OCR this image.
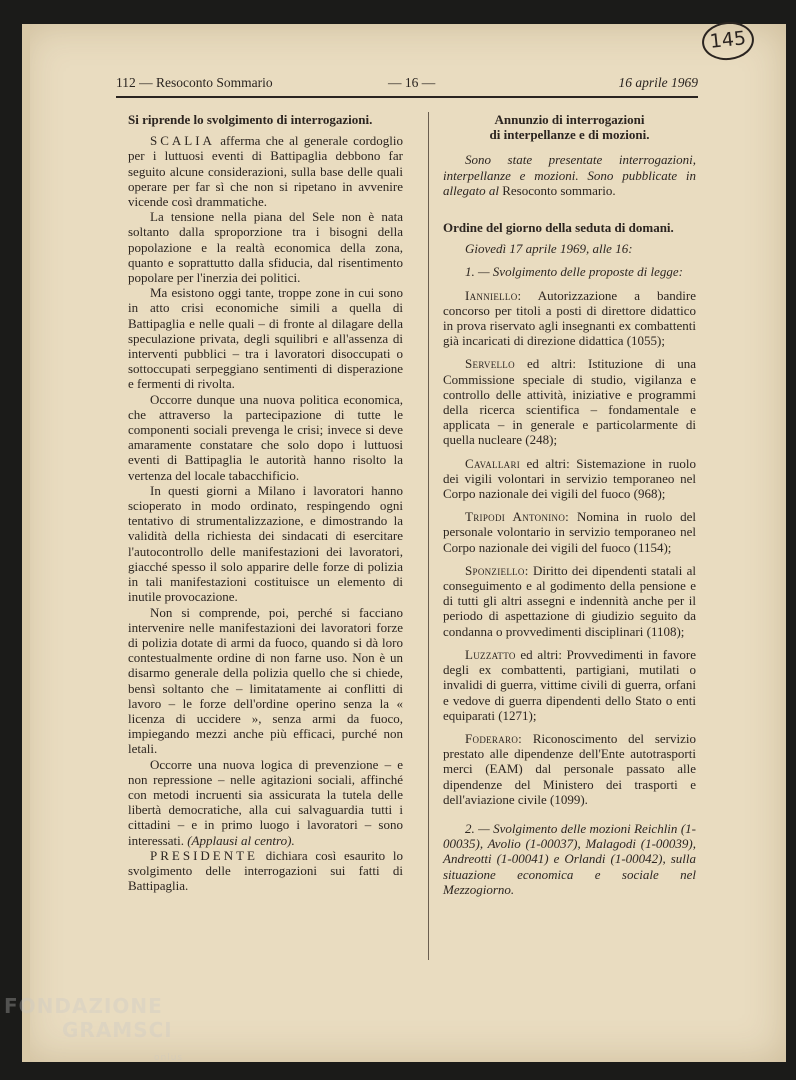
145
112 — Resoconto Sommario	— 16 —	16 aprile 1969

Si riprende lo svolgimento di interrogazioni.

SCALIA afferma che al generale cordoglio per i luttuosi eventi di Battipaglia debbono far seguito alcune considerazioni, sulla base delle quali operare per far sì che non si ripetano in avvenire vicende così drammatiche.

La tensione nella piana del Sele non è nata soltanto dalla sproporzione tra i bisogni della popolazione e la realtà economica della zona, quanto e soprattutto dalla sfiducia, dal risentimento popolare per l'inerzia dei politici.

Ma esistono oggi tante, troppe zone in cui sono in atto crisi economiche simili a quella di Battipaglia e nelle quali – di fronte al dilagare della speculazione privata, degli squilibri e all'assenza di interventi pubblici – tra i lavoratori disoccupati o sottoccupati serpeggiano sentimenti di disperazione e fermenti di rivolta.

Occorre dunque una nuova politica economica, che attraverso la partecipazione di tutte le componenti sociali prevenga le crisi; invece si deve amaramente constatare che solo dopo i luttuosi eventi di Battipaglia le autorità hanno risolto la vertenza del locale tabacchificio.

In questi giorni a Milano i lavoratori hanno scioperato in modo ordinato, respingendo ogni tentativo di strumentalizzazione, e dimostrando la validità della richiesta dei sindacati di esercitare l'autocontrollo delle manifestazioni dei lavoratori, giacché spesso il solo apparire delle forze di polizia in tali manifestazioni costituisce un elemento di inutile provocazione.

Non si comprende, poi, perché si facciano intervenire nelle manifestazioni dei lavoratori forze di polizia dotate di armi da fuoco, quando si dà loro contestualmente ordine di non farne uso. Non è un disarmo generale della polizia quello che si chiede, bensì soltanto che – limitatamente ai conflitti di lavoro – le forze dell'ordine operino senza la « licenza di uccidere », senza armi da fuoco, impiegando mezzi anche più efficaci, purché non letali.

Occorre una nuova logica di prevenzione – e non repressione – nelle agitazioni sociali, affinché con metodi incruenti sia assicurata la tutela delle libertà democratiche, alla cui salvaguardia tutti i cittadini – e in primo luogo i lavoratori – sono interessati. (Applausi al centro).

PRESIDENTE dichiara così esaurito lo svolgimento delle interrogazioni sui fatti di Battipaglia.

Annunzio di interrogazioni

di interpellanze e di mozioni.

Sono state presentate interrogazioni, interpellanze e mozioni. Sono pubblicate in allegato al Resoconto sommario.

Ordine del giorno della seduta di domani.

Giovedì 17 aprile 1969, alle 16:

1. — Svolgimento delle proposte di legge:

Ianniello: Autorizzazione a bandire concorso per titoli a posti di direttore didattico in prova riservato agli insegnanti ex combattenti già incaricati di direzione didattica (1055);

Servello ed altri: Istituzione di una Commissione speciale di studio, vigilanza e controllo delle attività, iniziative e programmi della ricerca scientifica – fondamentale e applicata – in generale e particolarmente di quella nucleare (248);

Cavallari ed altri: Sistemazione in ruolo dei vigili volontari in servizio temporaneo nel Corpo nazionale dei vigili del fuoco (968);

Tripodi Antonino: Nomina in ruolo del personale volontario in servizio temporaneo nel Corpo nazionale dei vigili del fuoco (1154);

Sponziello: Diritto dei dipendenti statali al conseguimento e al godimento della pensione e di tutti gli altri assegni e indennità anche per il periodo di aspettazione di giudizio seguito da condanna o provvedimenti disciplinari (1108);

Luzzatto ed altri: Provvedimenti in favore degli ex combattenti, partigiani, mutilati o invalidi di guerra, vittime civili di guerra, orfani e vedove di guerra dipendenti dello Stato o enti equiparati (1271);

Foderaro: Riconoscimento del servizio prestato alle dipendenze dell'Ente autotrasporti merci (EAM) dal personale passato alle dipendenze del Ministero dei trasporti e dell'aviazione civile (1099).

2. — Svolgimento delle mozioni Reichlin (1-00035), Avolio (1-00037), Malagodi (1-00039), Andreotti (1-00041) e Orlandi (1-00042), sulla situazione economica e sociale nel Mezzogiorno.

FONDAZIONE
GRAMSCI
onlus
